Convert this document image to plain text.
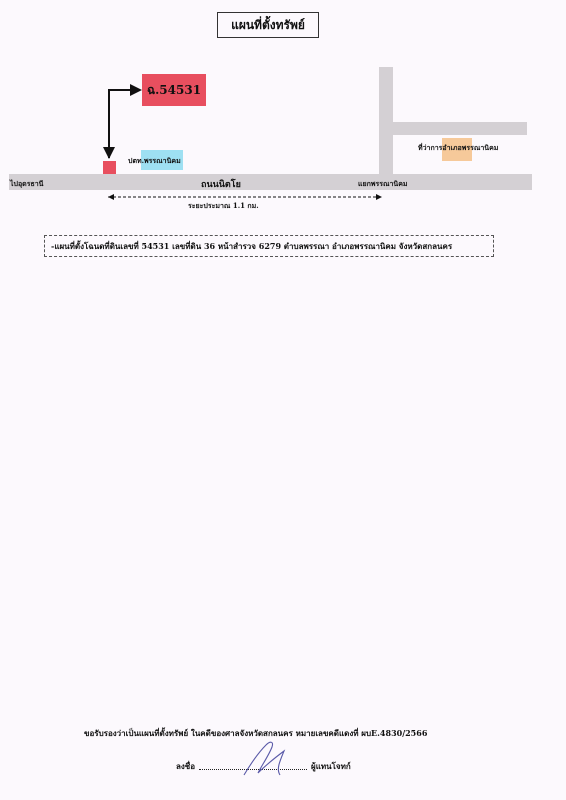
แผนที่ตั้งทรัพย์
ฉ.54531
ปตท.พรรณานิคม
ที่ว่าการอำเภอพรรณานิคม
ไปอุดรธานี	ถนนนิตโย	แยกพรรณานิคม
ระยะประมาณ 1.1 กม.
-แผนที่ตั้งโฉนดที่ดินเลขที่ 54531 เลขที่ดิน 36 หน้าสำรวจ 6279 ตำบลพรรณา อำเภอพรรณานิคม จังหวัดสกลนคร
ขอรับรองว่าเป็นแผนที่ตั้งทรัพย์ ในคดีของศาลจังหวัดสกลนคร หมายเลขคดีแดงที่ ผบE.4830/2566
ลงชื่อ	ผู้แทนโจทก์
